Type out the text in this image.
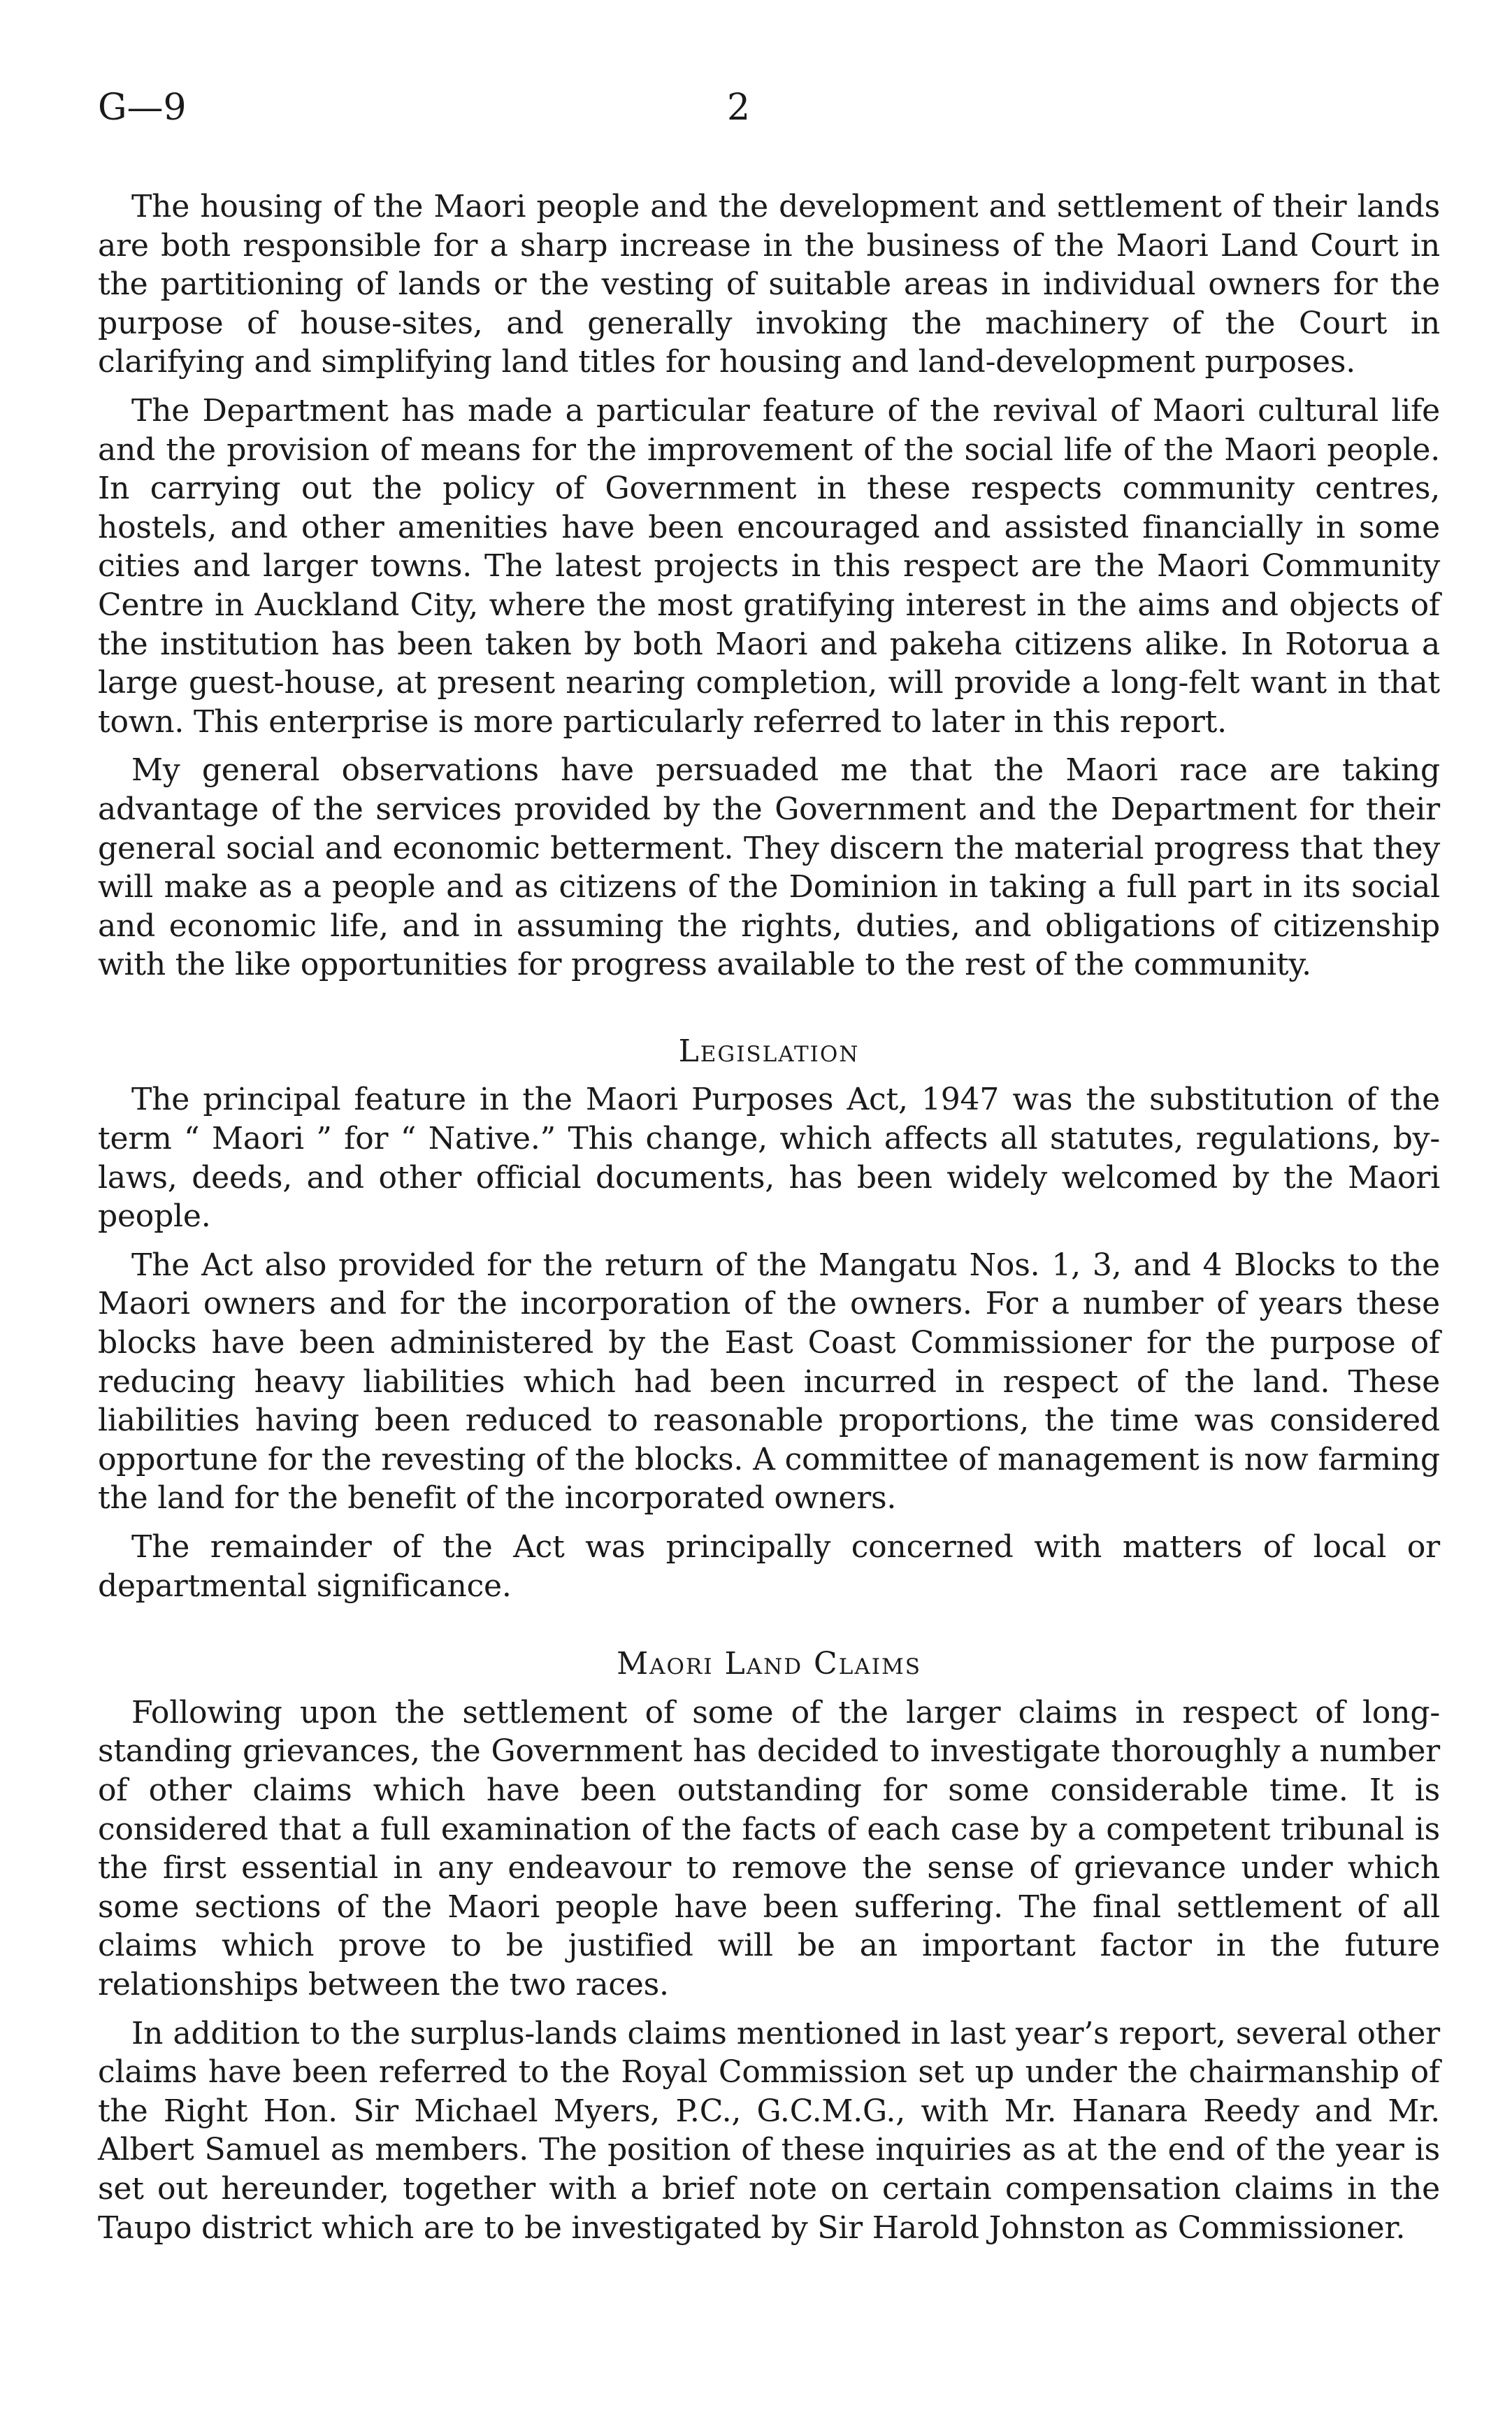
G—9	2

The housing of the Maori people and the development and settlement of their lands are both responsible for a sharp increase in the business of the Maori Land Court in the partitioning of lands or the vesting of suitable areas in individual owners for the purpose of house-sites, and generally invoking the machinery of the Court in clarifying and simplifying land titles for housing and land-development purposes.

The Department has made a particular feature of the revival of Maori cultural life and the provision of means for the improvement of the social life of the Maori people. In carrying out the policy of Government in these respects community centres, hostels, and other amenities have been encouraged and assisted financially in some cities and larger towns. The latest projects in this respect are the Maori Community Centre in Auckland City, where the most gratifying interest in the aims and objects of the institution has been taken by both Maori and pakeha citizens alike. In Rotorua a large guest-house, at present nearing completion, will provide a long-felt want in that town. This enterprise is more particularly referred to later in this report.

My general observations have persuaded me that the Maori race are taking advantage of the services provided by the Government and the Department for their general social and economic betterment. They discern the material progress that they will make as a people and as citizens of the Dominion in taking a full part in its social and economic life, and in assuming the rights, duties, and obligations of citizenship with the like opportunities for progress available to the rest of the community.

Legislation

The principal feature in the Maori Purposes Act, 1947 was the substitution of the term “ Maori ” for “ Native.” This change, which affects all statutes, regulations, by-laws, deeds, and other official documents, has been widely welcomed by the Maori people.

The Act also provided for the return of the Mangatu Nos. 1, 3, and 4 Blocks to the Maori owners and for the incorporation of the owners. For a number of years these blocks have been administered by the East Coast Commissioner for the purpose of reducing heavy liabilities which had been incurred in respect of the land. These liabilities having been reduced to reasonable proportions, the time was considered opportune for the revesting of the blocks. A committee of management is now farming the land for the benefit of the incorporated owners.

The remainder of the Act was principally concerned with matters of local or departmental significance.

Maori Land Claims

Following upon the settlement of some of the larger claims in respect of long-standing grievances, the Government has decided to investigate thoroughly a number of other claims which have been outstanding for some considerable time. It is considered that a full examination of the facts of each case by a competent tribunal is the first essential in any endeavour to remove the sense of grievance under which some sections of the Maori people have been suffering. The final settlement of all claims which prove to be justified will be an important factor in the future relationships between the two races.

In addition to the surplus-lands claims mentioned in last year’s report, several other claims have been referred to the Royal Commission set up under the chairmanship of the Right Hon. Sir Michael Myers, P.C., G.C.M.G., with Mr. Hanara Reedy and Mr. Albert Samuel as members. The position of these inquiries as at the end of the year is set out hereunder, together with a brief note on certain compensation claims in the Taupo district which are to be investigated by Sir Harold Johnston as Commissioner.
